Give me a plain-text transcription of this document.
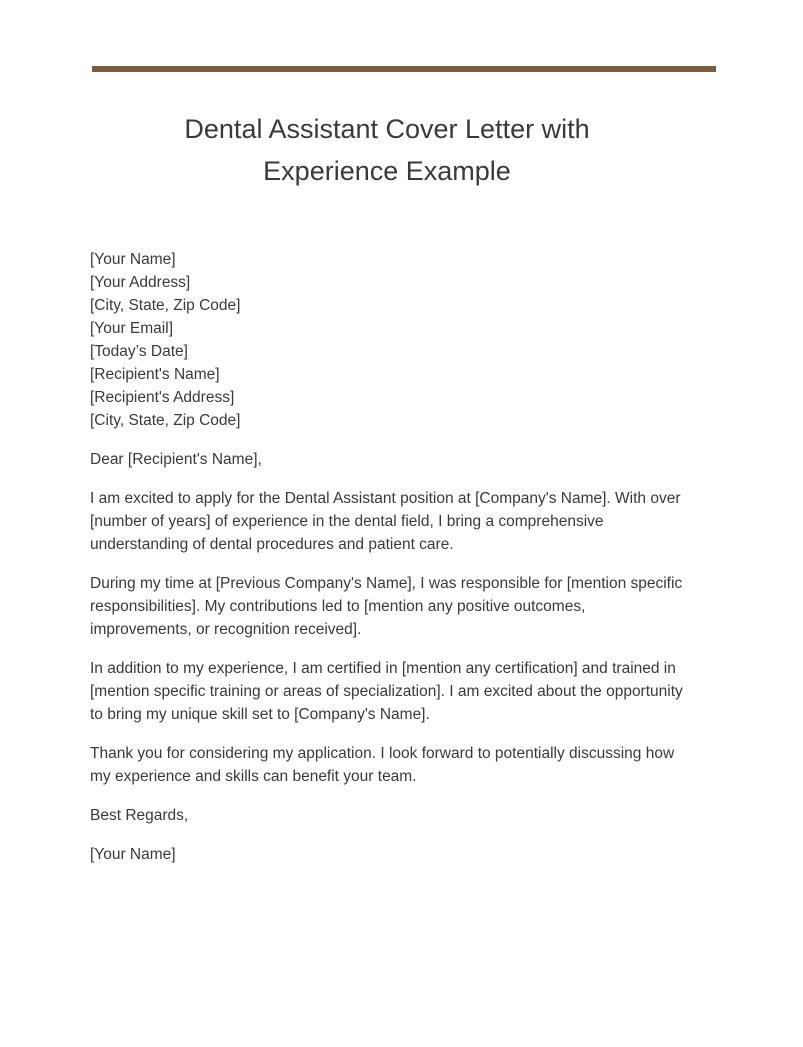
Dental Assistant Cover Letter with
Experience Example
[Your Name]
[Your Address]
[City, State, Zip Code]
[Your Email]
[Today’s Date]
[Recipient's Name]
[Recipient's Address]
[City, State, Zip Code]

Dear [Recipient's Name],

I am excited to apply for the Dental Assistant position at [Company's Name]. With over [number of years] of experience in the dental field, I bring a comprehensive understanding of dental procedures and patient care.

During my time at [Previous Company's Name], I was responsible for [mention specific responsibilities]. My contributions led to [mention any positive outcomes, improvements, or recognition received].

In addition to my experience, I am certified in [mention any certification] and trained in [mention specific training or areas of specialization]. I am excited about the opportunity to bring my unique skill set to [Company's Name].

Thank you for considering my application. I look forward to potentially discussing how my experience and skills can benefit your team.

Best Regards,

[Your Name]
